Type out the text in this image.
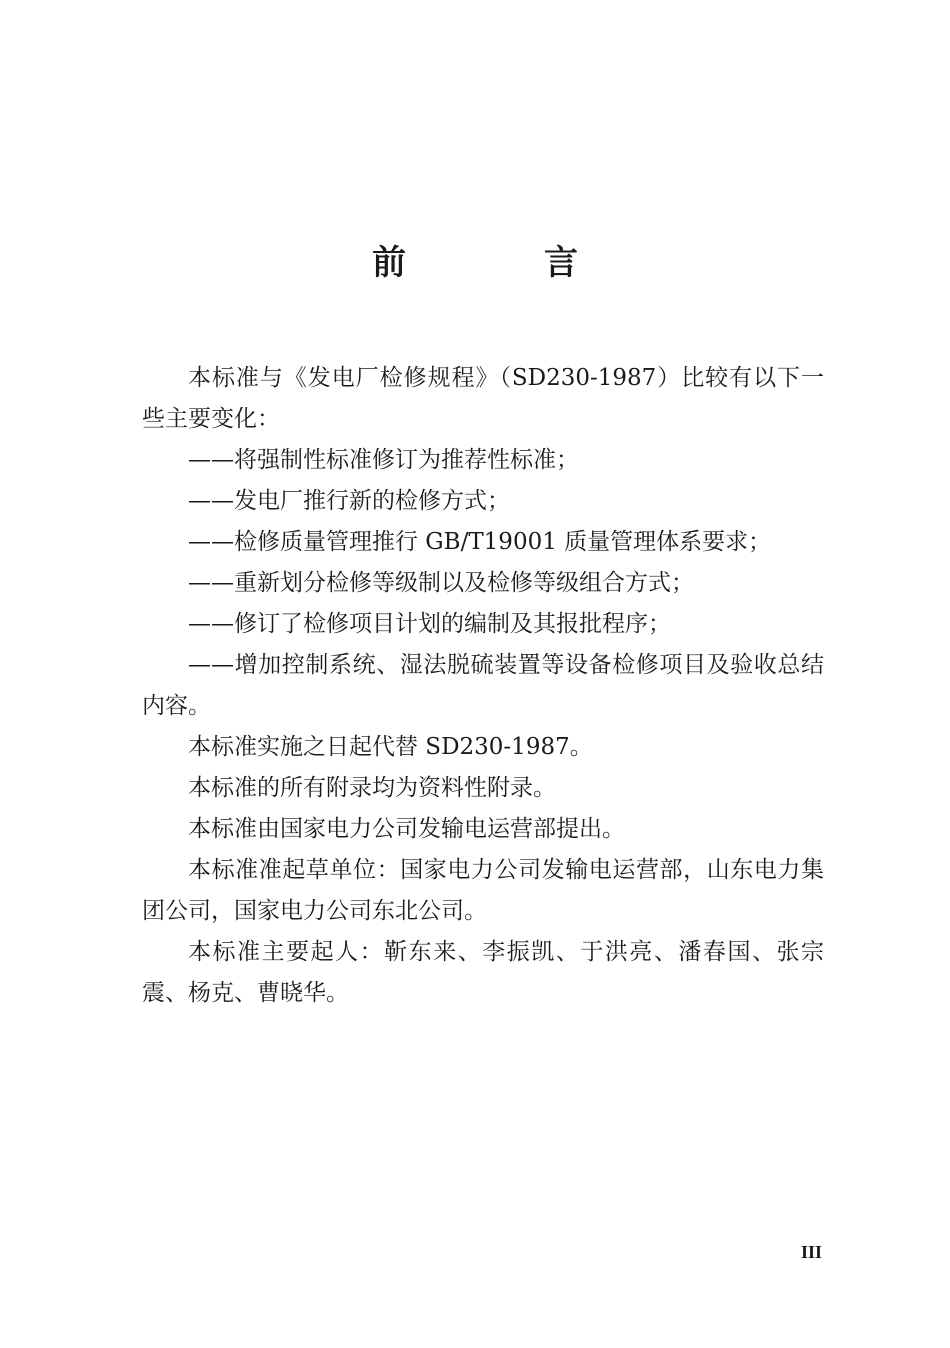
前　言

本标准与《发电厂检修规程》（SD230-1987）比较有以下一些主要变化：

——将强制性标准修订为推荐性标准；

——发电厂推行新的检修方式；

——检修质量管理推行 GB/T19001 质量管理体系要求；

——重新划分检修等级制以及检修等级组合方式；

——修订了检修项目计划的编制及其报批程序；

——增加控制系统、湿法脱硫装置等设备检修项目及验收总结内容。

本标准实施之日起代替 SD230-1987。

本标准的所有附录均为资料性附录。

本标准由国家电力公司发输电运营部提出。

本标准准起草单位：国家电力公司发输电运营部，山东电力集团公司，国家电力公司东北公司。

本标准主要起人：靳东来、李振凯、于洪亮、潘春国、张宗震、杨克、曹晓华。

III
